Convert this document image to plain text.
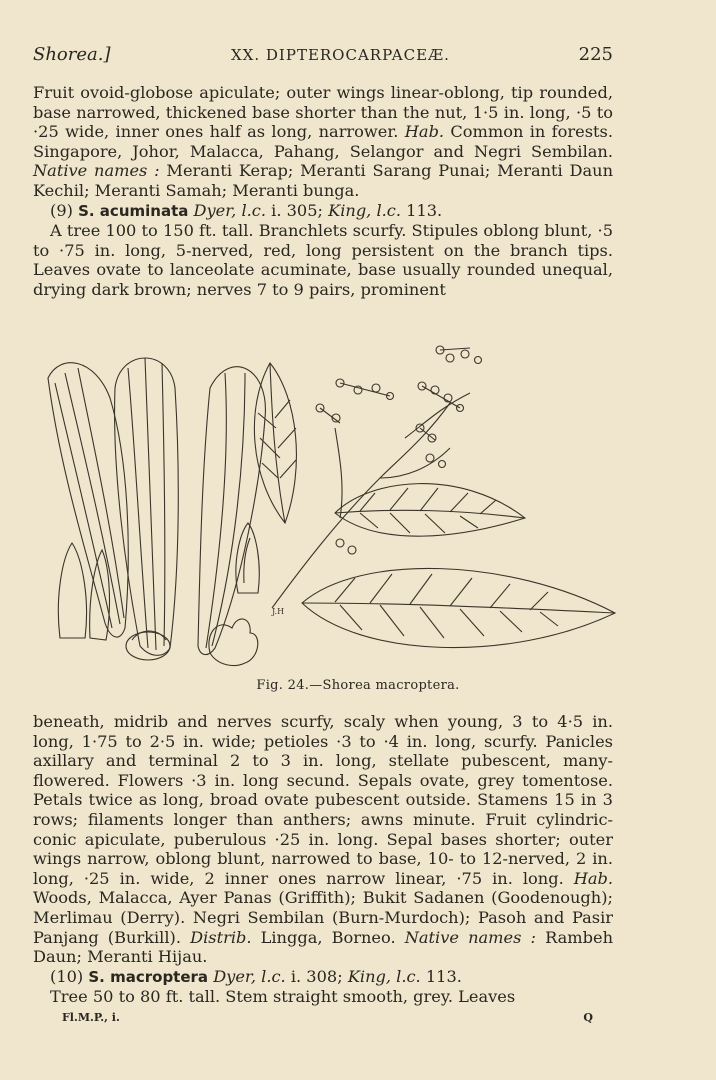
Shorea.]	XX. DIPTEROCARPACEÆ.	225

Fruit ovoid-globose apiculate; outer wings linear-oblong, tip rounded, base narrowed, thickened base shorter than the nut, 1·5 in. long, ·5 to ·25 wide, inner ones half as long, narrower. Hab. Common in forests. Singapore, Johor, Malacca, Pahang, Selangor and Negri Sembilan. Native names : Meranti Kerap; Meranti Sarang Punai; Meranti Daun Kechil; Meranti Samah; Meranti bunga.

(9) S. acuminata Dyer, l.c. i. 305; King, l.c. 113.

A tree 100 to 150 ft. tall. Branchlets scurfy. Stipules oblong blunt, ·5 to ·75 in. long, 5-nerved, red, long persistent on the branch tips. Leaves ovate to lanceolate acuminate, base usually rounded unequal, drying dark brown; nerves 7 to 9 pairs, prominent

J.H
Fig. 24.—Shorea macroptera.

beneath, midrib and nerves scurfy, scaly when young, 3 to 4·5 in. long, 1·75 to 2·5 in. wide; petioles ·3 to ·4 in. long, scurfy. Panicles axillary and terminal 2 to 3 in. long, stellate pubescent, many-flowered. Flowers ·3 in. long secund. Sepals ovate, grey tomentose. Petals twice as long, broad ovate pubescent outside. Stamens 15 in 3 rows; filaments longer than anthers; awns minute. Fruit cylindric-conic apiculate, puberulous ·25 in. long. Sepal bases shorter; outer wings narrow, oblong blunt, narrowed to base, 10- to 12-nerved, 2 in. long, ·25 in. wide, 2 inner ones narrow linear, ·75 in. long. Hab. Woods, Malacca, Ayer Panas (Griffith); Bukit Sadanen (Goodenough); Merlimau (Derry). Negri Sembilan (Burn-Murdoch); Pasoh and Pasir Panjang (Burkill). Distrib. Lingga, Borneo. Native names : Rambeh Daun; Meranti Hijau.

(10) S. macroptera Dyer, l.c. i. 308; King, l.c. 113.

Tree 50 to 80 ft. tall. Stem straight smooth, grey. Leaves

Fl.M.P., i.	Q
